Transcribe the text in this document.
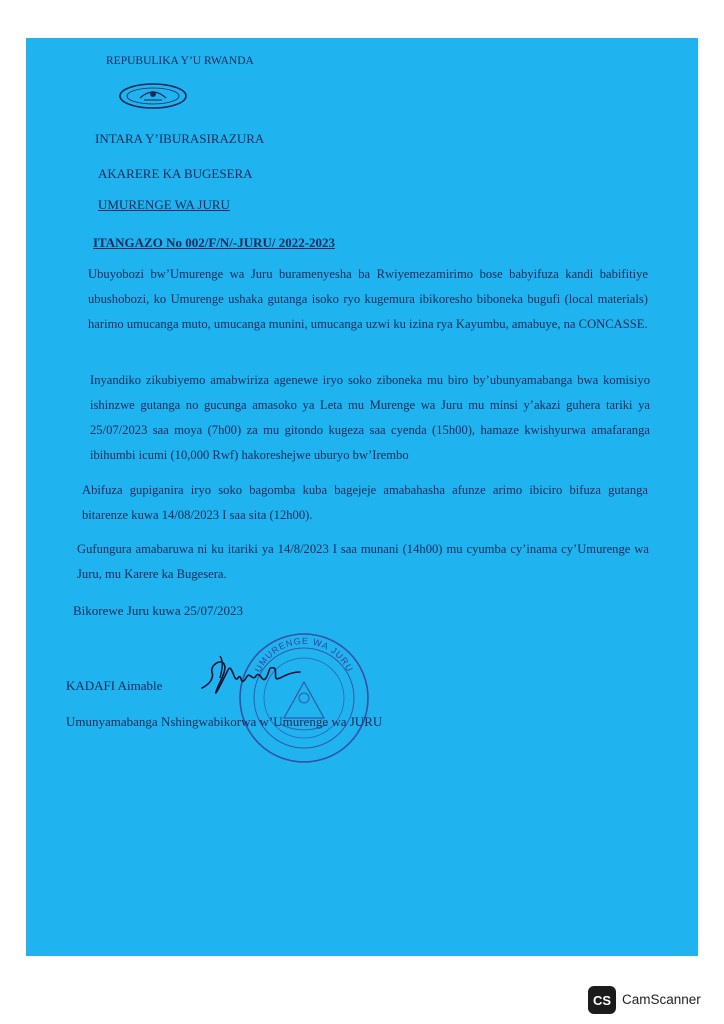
REPUBULIKA Y’U RWANDA
INTARA Y’IBURASIRAZURA
AKARERE KA BUGESERA
UMURENGE WA JURU
ITANGAZO No 002/F/N/-JURU/ 2022-2023
Ubuyobozi bw’Umurenge wa Juru buramenyesha ba Rwiyemezamirimo bose babyifuza kandi babifitiye ubushobozi, ko Umurenge ushaka gutanga isoko ryo kugemura ibikoresho biboneka bugufi (local materials) harimo umucanga muto, umucanga munini, umucanga uzwi ku izina rya Kayumbu, amabuye, na CONCASSE.
Inyandiko zikubiyemo amabwiriza agenewe iryo soko ziboneka mu biro by’ubunyamabanga bwa komisiyo ishinzwe gutanga no gucunga amasoko ya Leta mu Murenge wa Juru mu minsi y’akazi guhera tariki ya 25/07/2023 saa moya (7h00) za mu gitondo kugeza saa cyenda (15h00), hamaze kwishyurwa amafaranga ibihumbi icumi (10,000 Rwf) hakoreshejwe uburyo bw’Irembo
Abifuza gupiganira iryo soko bagomba kuba bagejeje amabahasha afunze arimo ibiciro bifuza gutanga bitarenze kuwa 14/08/2023 I saa sita (12h00).
Gufungura amabaruwa ni ku itariki ya 14/8/2023 I saa munani (14h00) mu cyumba cy’inama cy’Umurenge wa Juru, mu Karere ka Bugesera.
Bikorewe Juru kuwa 25/07/2023
UMURENGE WA JURU
KADAFI Aimable
Umunyamabanga Nshingwabikorwa w’Umurenge wa JURU
CS CamScanner
